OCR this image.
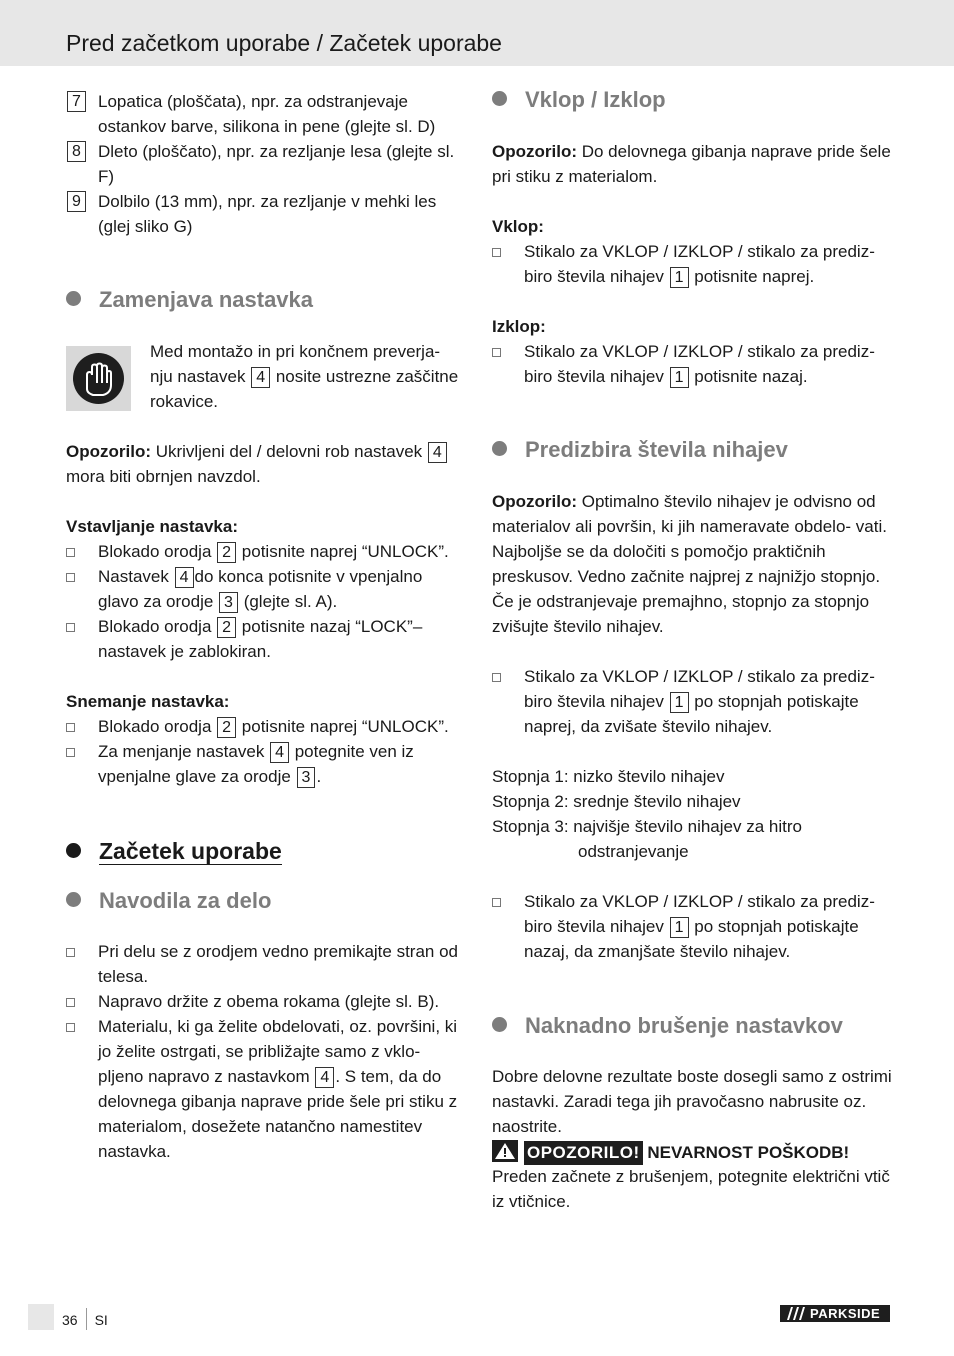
Pred začetkom uporabe / Začetek uporabe
7 Lopatica (ploščata), npr. za odstranjevaje ostankov barve, silikona in pene (glejte sl. D)
8 Dleto (ploščato), npr. za rezljanje lesa (glejte sl. F)
9 Dolbilo (13 mm), npr. za rezljanje v mehki les (glej sliko G)
Zamenjava nastavka
Med montažo in pri končnem preverja-
nju nastavek 4 nosite ustrezne zaščitne
rokavice.
Opozorilo: Ukrivljeni del / delovni rob nastavek 4
mora biti obrnjen navzdol.
Vstavljanje nastavka:
Blokado orodja 2 potisnite naprej “UNLOCK”.
Nastavek 4 do konca potisnite v vpenjalno
glavo za orodje 3 (glejte sl. A).
Blokado orodja 2 potisnite nazaj “LOCK”–
nastavek je zablokiran.
Snemanje nastavka:
Blokado orodja 2 potisnite naprej “UNLOCK”.
Za menjanje nastavek 4 potegnite ven iz
vpenjalne glave za orodje 3 .
Začetek uporabe
Navodila za delo
Pri delu se z orodjem vedno premikajte stran od telesa.
Napravo držite z obema rokama (glejte sl. B).
Materialu, ki ga želite obdelovati, oz. površini, ki jo želite ostrgati, se približajte samo z vklo- pljeno napravo z nastavkom 4 . S tem, da do delovnega gibanja naprave pride šele pri stiku z materialom, dosežete natančno namestitev nastavka.
Vklop / Izklop
Opozorilo: Do delovnega gibanja naprave pride šele pri stiku z materialom.
Vklop:
Stikalo za VKLOP / IZKLOP / stikalo za prediz-
biro števila nihajev 1 potisnite naprej.
Izklop:
Stikalo za VKLOP / IZKLOP / stikalo za prediz-
biro števila nihajev 1 potisnite nazaj.
Predizbira števila nihajev
Opozorilo: Optimalno število nihajev je odvisno od materialov ali površin, ki jih nameravate obdelo- vati. Najboljše se da določiti s pomočjo praktičnih preskusov. Vedno začnite najprej z najnižjo stopnjo. Če je odstranjevaje premajhno, stopnjo za stopnjo zvišujte število nihajev.
Stikalo za VKLOP / IZKLOP / stikalo za prediz-
biro števila nihajev 1 po stopnjah potiskajte
naprej, da zvišate število nihajev.
Stopnja 1: nizko število nihajev
Stopnja 2: srednje število nihajev
Stopnja 3: najvišje število nihajev za hitro
odstranjevanje
Stikalo za VKLOP / IZKLOP / stikalo za prediz-
biro števila nihajev 1 po stopnjah potiskajte
nazaj, da zmanjšate število nihajev.
Naknadno brušenje nastavkov
Dobre delovne rezultate boste dosegli samo z ostrimi nastavki. Zaradi tega jih pravočasno nabrusite oz. naostrite.
OPOZORILO! NEVARNOST POŠKODB!
Preden začnete z brušenjem, potegnite električni vtič iz vtičnice.
36 SI	PARKSIDE
